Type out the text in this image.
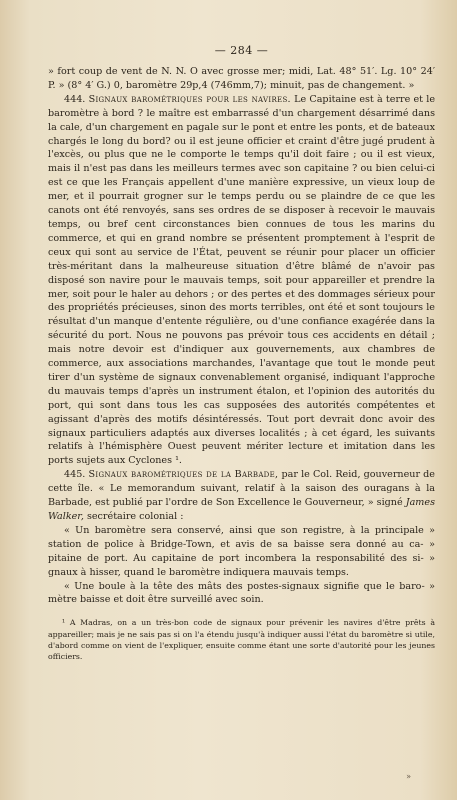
— 284 —

» fort coup de vent de N. N. O avec grosse mer; midi, Lat. 48° 51′. Lg. 10° 24′ P. » (8° 4′ G.) 0, baromètre 29p,4 (746mm,7); minuit, pas de changement. »

444. Signaux barométriques pour les navires. Le Capitaine est à terre et le baromètre à bord ? le maître est embarrassé d'un chargement désarrimé dans la cale, d'un chargement en pagale sur le pont et entre les ponts, et de bateaux chargés le long du bord? ou il est jeune officier et craint d'être jugé prudent à l'excès, ou plus que ne le comporte le temps qu'il doit faire ; ou il est vieux, mais il n'est pas dans les meilleurs termes avec son capitaine ? ou bien celui-ci est ce que les Français appellent d'une manière expressive, un vieux loup de mer, et il pourrait grogner sur le temps perdu ou se plaindre de ce que les canots ont été renvoyés, sans ses ordres de se disposer à recevoir le mauvais temps, ou bref cent circonstances bien connues de tous les marins du commerce, et qui en grand nombre se présentent promptement à l'esprit de ceux qui sont au service de l'État, peuvent se réunir pour placer un officier très-méritant dans la malheureuse situation d'être blâmé de n'avoir pas disposé son navire pour le mauvais temps, soit pour appareiller et prendre la mer, soit pour le haler au dehors ; or des pertes et des dommages sérieux pour des propriétés précieuses, sinon des morts terribles, ont été et sont toujours le résultat d'un manque d'entente régulière, ou d'une confiance exagérée dans la sécurité du port. Nous ne pouvons pas prévoir tous ces accidents en détail ; mais notre devoir est d'indiquer aux gouvernements, aux chambres de commerce, aux associations marchandes, l'avantage que tout le monde peut tirer d'un système de signaux convenablement organisé, indiquant l'approche du mauvais temps d'après un instrument étalon, et l'opinion des autorités du port, qui sont dans tous les cas supposées des autorités compétentes et agissant d'après des motifs désintéressés. Tout port devrait donc avoir des signaux particuliers adaptés aux diverses localités ; à cet égard, les suivants relatifs à l'hémisphère Ouest peuvent mériter lecture et imitation dans les ports sujets aux Cyclones ¹.

445. Signaux barométriques de la Barbade, par le Col. Reid, gouverneur de cette île. « Le memorandum suivant, relatif à la saison des ouragans à la Barbade, est publié par l'ordre de Son Excellence le Gouverneur, » signé James Walker, secrétaire colonial :

« Un baromètre sera conservé, ainsi que son registre, à la principale » station de police à Bridge-Town, et avis de sa baisse sera donné au ca- » pitaine de port. Au capitaine de port incombera la responsabilité des si- » gnaux à hisser, quand le baromètre indiquera mauvais temps.

« Une boule à la tête des mâts des postes-signaux signifie que le baro- » mètre baisse et doit être surveillé avec soin.

¹ A Madras, on a un très-bon code de signaux pour prévenir les navires d'être prêts à appareiller; mais je ne sais pas si on l'a étendu jusqu'à indiquer aussi l'état du baromètre si utile, d'abord comme on vient de l'expliquer, ensuite comme étant une sorte d'autorité pour les jeunes officiers.

»
